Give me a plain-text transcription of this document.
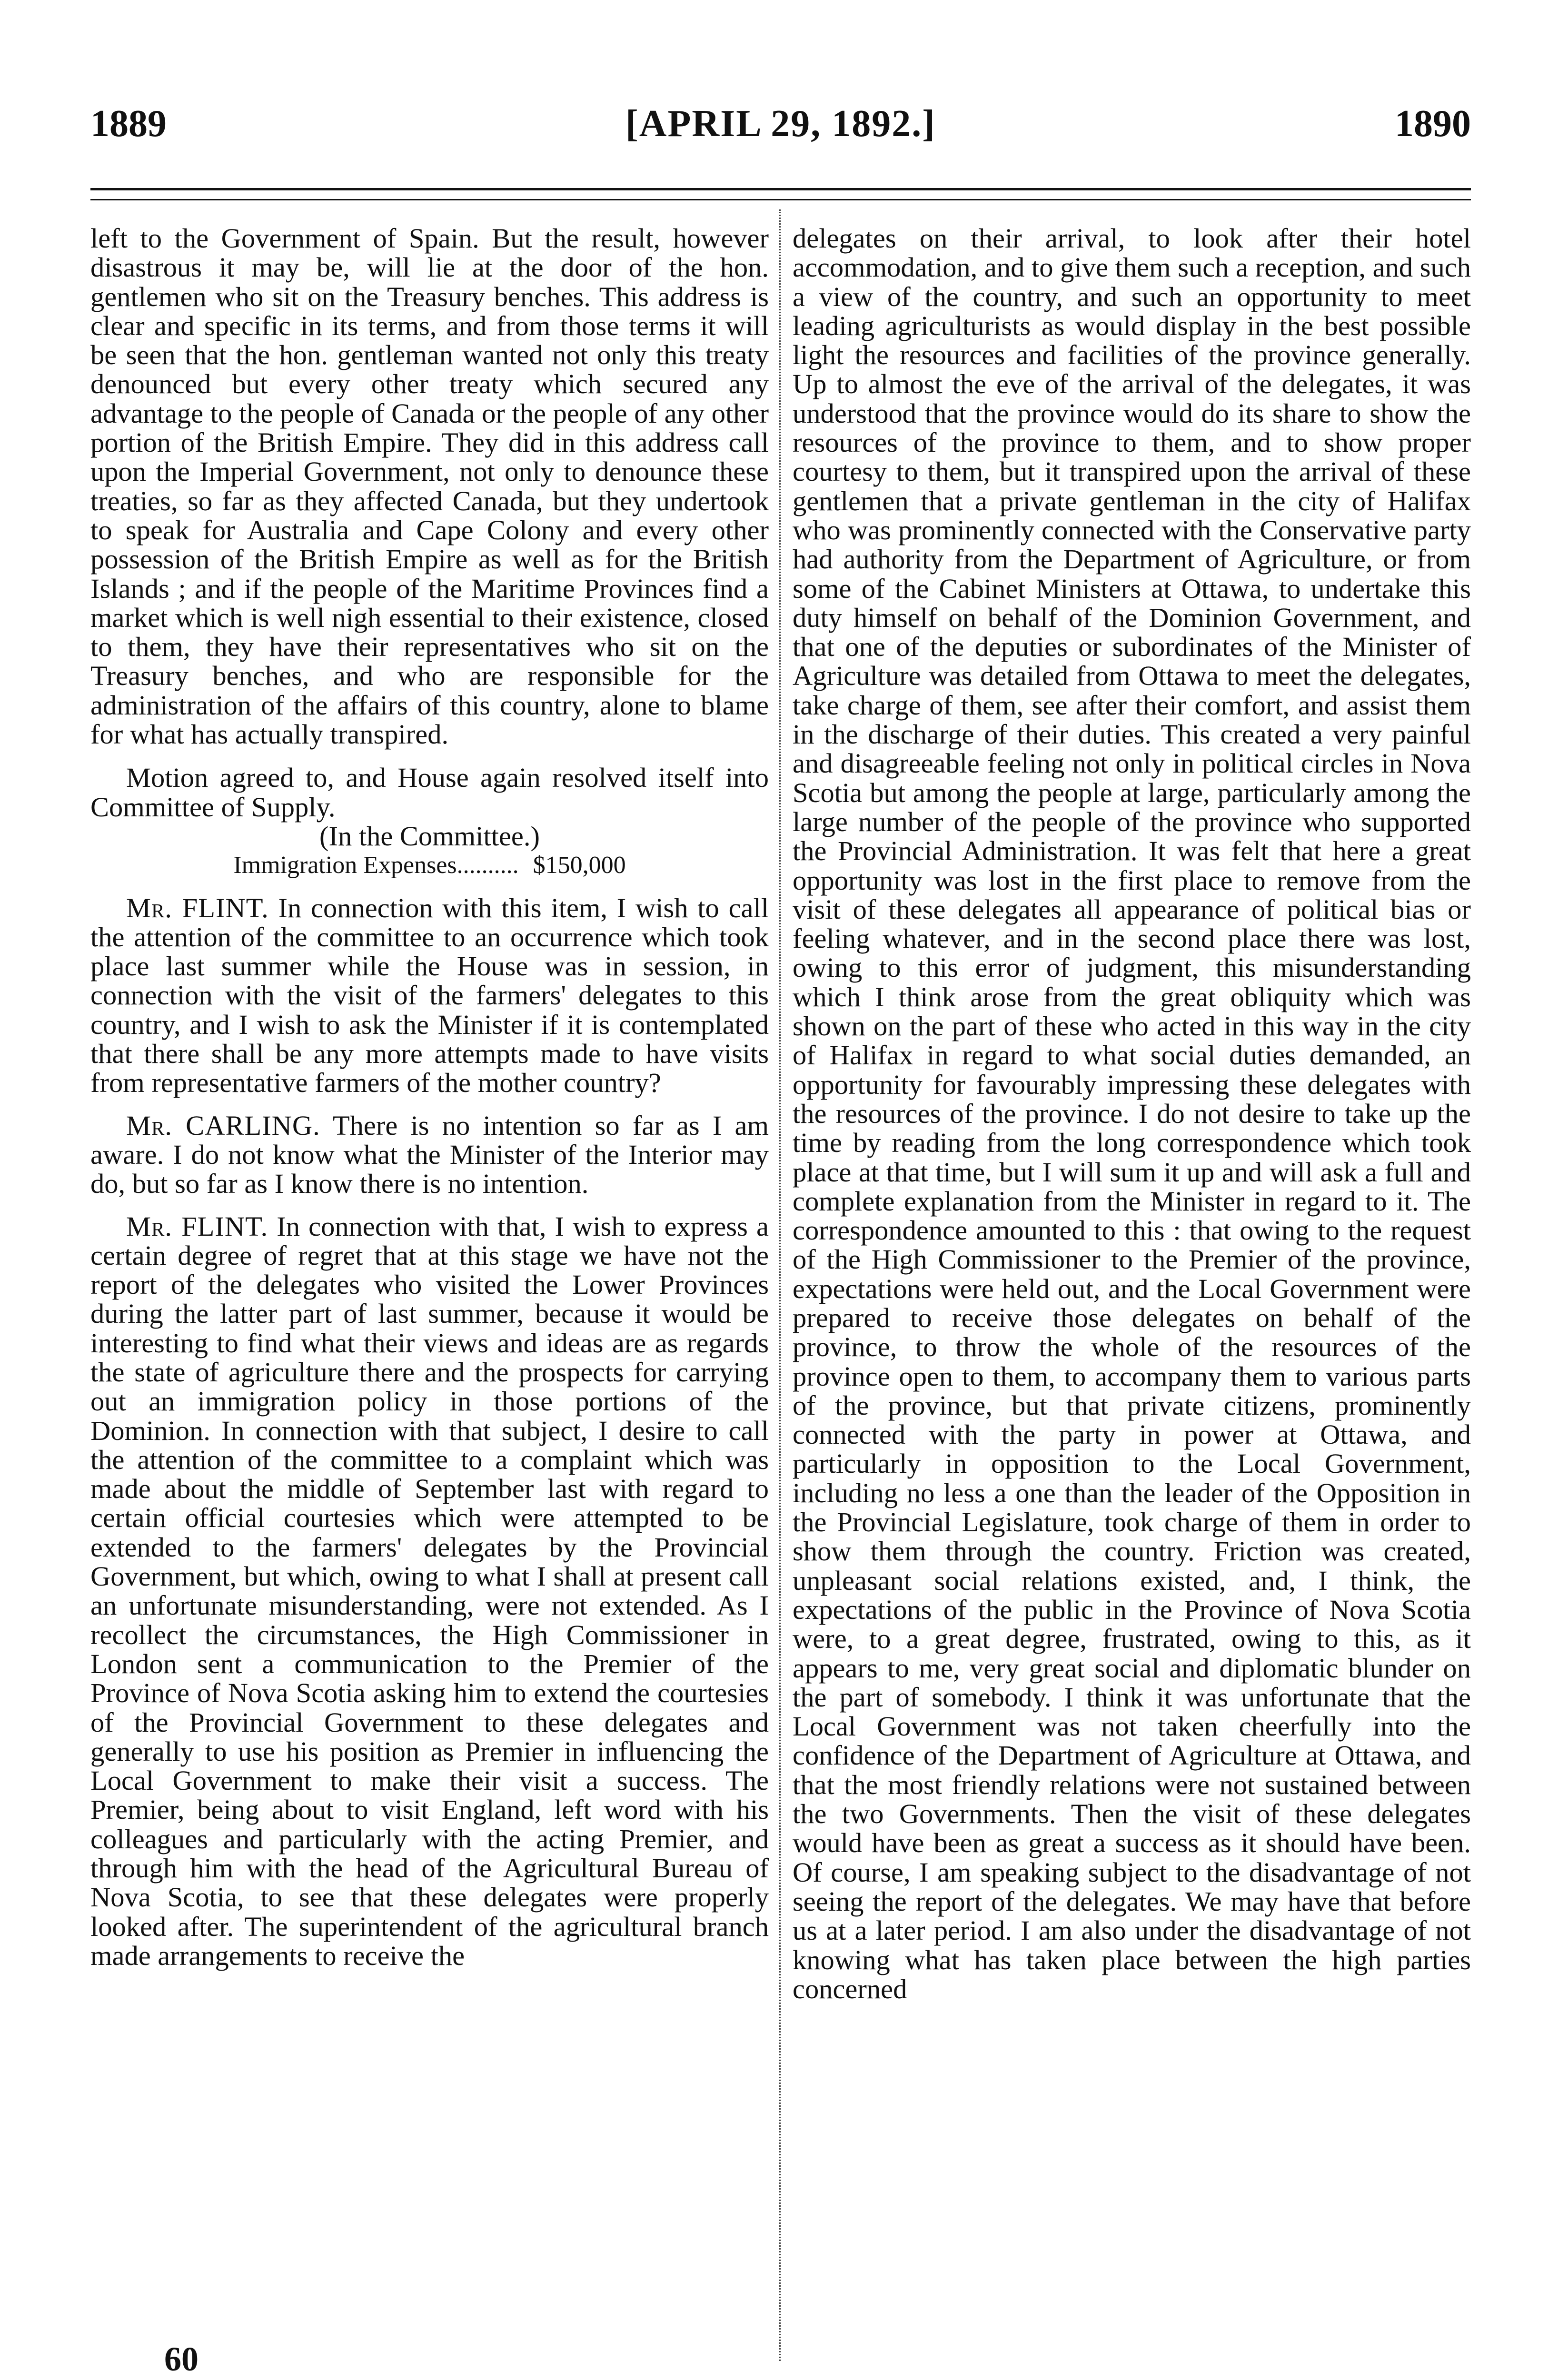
1889	[APRIL 29, 1892.]	1890

left to the Government of Spain. But the result, however disastrous it may be, will lie at the door of the hon. gentlemen who sit on the Treasury benches. This address is clear and specific in its terms, and from those terms it will be seen that the hon. gentleman wanted not only this treaty denounced but every other treaty which secured any advantage to the people of Canada or the people of any other portion of the British Empire. They did in this address call upon the Imperial Government, not only to denounce these treaties, so far as they affected Canada, but they undertook to speak for Australia and Cape Colony and every other possession of the British Empire as well as for the British Islands ; and if the people of the Maritime Provinces find a market which is well nigh essential to their existence, closed to them, they have their representatives who sit on the Treasury benches, and who are responsible for the administration of the affairs of this country, alone to blame for what has actually transpired.

Motion agreed to, and House again resolved itself into Committee of Supply.

(In the Committee.)

Immigration Expenses.......... $150,000

Mr. FLINT. In connection with this item, I wish to call the attention of the committee to an occurrence which took place last summer while the House was in session, in connection with the visit of the farmers' delegates to this country, and I wish to ask the Minister if it is contemplated that there shall be any more attempts made to have visits from representative farmers of the mother country?

Mr. CARLING. There is no intention so far as I am aware. I do not know what the Minister of the Interior may do, but so far as I know there is no intention.

Mr. FLINT. In connection with that, I wish to express a certain degree of regret that at this stage we have not the report of the delegates who visited the Lower Provinces during the latter part of last summer, because it would be interesting to find what their views and ideas are as regards the state of agriculture there and the prospects for carrying out an immigration policy in those portions of the Dominion. In connection with that subject, I desire to call the attention of the committee to a complaint which was made about the middle of September last with regard to certain official courtesies which were attempted to be extended to the farmers' delegates by the Provincial Government, but which, owing to what I shall at present call an unfortunate misunderstanding, were not extended. As I recollect the circumstances, the High Commissioner in London sent a communication to the Premier of the Province of Nova Scotia asking him to extend the courtesies of the Provincial Government to these delegates and generally to use his position as Premier in influencing the Local Government to make their visit a success. The Premier, being about to visit England, left word with his colleagues and particularly with the acting Premier, and through him with the head of the Agricultural Bureau of Nova Scotia, to see that these delegates were properly looked after. The superintendent of the agricultural branch made arrangements to receive the

delegates on their arrival, to look after their hotel accommodation, and to give them such a reception, and such a view of the country, and such an opportunity to meet leading agriculturists as would display in the best possible light the resources and facilities of the province generally. Up to almost the eve of the arrival of the delegates, it was understood that the province would do its share to show the resources of the province to them, and to show proper courtesy to them, but it transpired upon the arrival of these gentlemen that a private gentleman in the city of Halifax who was prominently connected with the Conservative party had authority from the Department of Agriculture, or from some of the Cabinet Ministers at Ottawa, to undertake this duty himself on behalf of the Dominion Government, and that one of the deputies or subordinates of the Minister of Agriculture was detailed from Ottawa to meet the delegates, take charge of them, see after their comfort, and assist them in the discharge of their duties. This created a very painful and disagreeable feeling not only in political circles in Nova Scotia but among the people at large, particularly among the large number of the people of the province who supported the Provincial Administration. It was felt that here a great opportunity was lost in the first place to remove from the visit of these delegates all appearance of political bias or feeling whatever, and in the second place there was lost, owing to this error of judgment, this misunderstanding which I think arose from the great obliquity which was shown on the part of these who acted in this way in the city of Halifax in regard to what social duties demanded, an opportunity for favourably impressing these delegates with the resources of the province. I do not desire to take up the time by reading from the long correspondence which took place at that time, but I will sum it up and will ask a full and complete explanation from the Minister in regard to it. The correspondence amounted to this : that owing to the request of the High Commissioner to the Premier of the province, expectations were held out, and the Local Government were prepared to receive those delegates on behalf of the province, to throw the whole of the resources of the province open to them, to accompany them to various parts of the province, but that private citizens, prominently connected with the party in power at Ottawa, and particularly in opposition to the Local Government, including no less a one than the leader of the Opposition in the Provincial Legislature, took charge of them in order to show them through the country. Friction was created, unpleasant social relations existed, and, I think, the expectations of the public in the Province of Nova Scotia were, to a great degree, frustrated, owing to this, as it appears to me, very great social and diplomatic blunder on the part of somebody. I think it was unfortunate that the Local Government was not taken cheerfully into the confidence of the Department of Agriculture at Ottawa, and that the most friendly relations were not sustained between the two Governments. Then the visit of these delegates would have been as great a success as it should have been. Of course, I am speaking subject to the disadvantage of not seeing the report of the delegates. We may have that before us at a later period. I am also under the disadvantage of not knowing what has taken place between the high parties concerned

60
